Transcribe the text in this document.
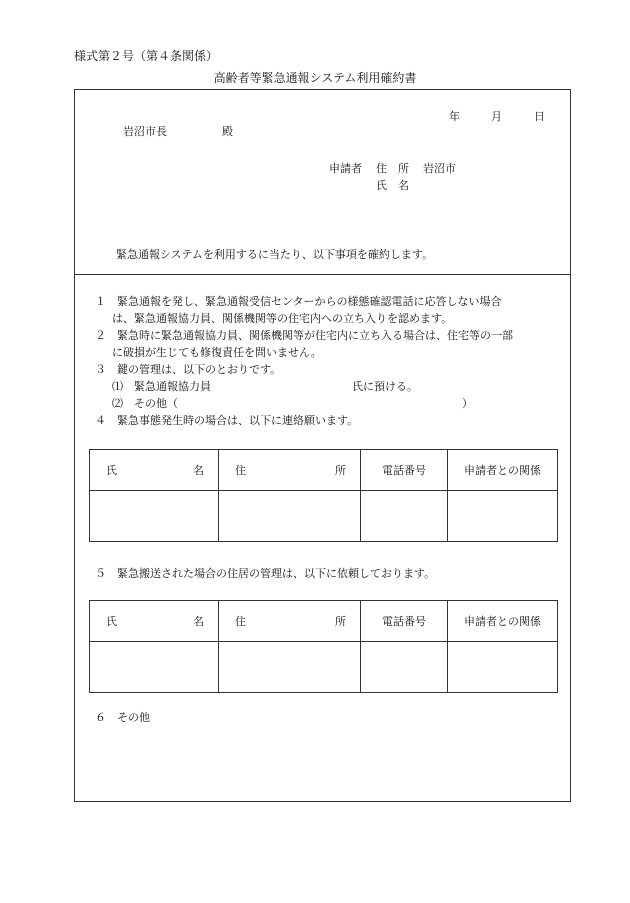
様式第２号（第４条関係）
高齢者等緊急通報システム利用確約書
年	月	日
岩沼市長	殿
申請者 住　所 岩沼市
氏　名
緊急通報システムを利用するに当たり、以下事項を確約します。
１　緊急通報を発し、緊急通報受信センターからの様態確認電話に応答しない場合
は、緊急通報協力員、関係機関等の住宅内への立ち入りを認めます。
２　緊急時に緊急通報協力員、関係機関等が住宅内に立ち入る場合は、住宅等の一部
に破損が生じても修復責任を問いません。
３　鍵の管理は、以下のとおりです。
⑴　緊急通報協力員	氏に預ける。
⑵　その他（	）
４　緊急事態発生時の場合は、以下に連絡願います。
氏 名	住 所	電話番号	申請者との関係

５　緊急搬送された場合の住居の管理は、以下に依頼しております。
氏 名	住 所	電話番号	申請者との関係

６　その他
